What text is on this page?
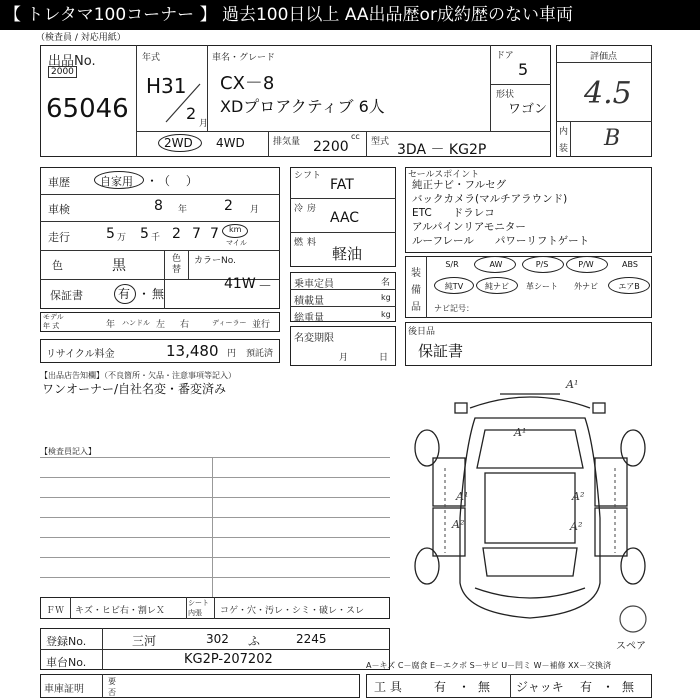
【 トレタマ100コーナー 】 過去100日以上 AA出品歴or成約歴のない車両
（検査員 / 対応用紙）
出品No.
2000
65046
年式
H31
2
月
車名・グレード
CX－8
XDプロアクティブ 6人
ドア
5
形状
ワゴン
2WD 4WD	排気量 2200
cc
型式 3DA － KG2P
評価点
4.5
内
装 B
車歴	自家用 ・（ ）
車検	8 年	2 月
走行	5 万 5 千 2 7 7 km
マイル
色	黒	色替
カラーNo.
41W －
保証書	有 ・ 無
モデル
年 式	年 ハンドル 左 右	ディーラー 並行
リサイクル料金	13,480 円 預託済
シフト
FAT
冷房
AAC
燃料
軽油
乗車定員	名
積載量	kg
総重量	kg
名変期限
月	日
セールスポイント
純正ナビ・フルセグ
バックカメラ(マルチアラウンド)
ETC　　ドラレコ
アルパインリアモニター
ルーフレール　　パワーリフトゲート
装
備
品
S/R	AW	P/S	P/W	ABS
純TV	純ナビ	革シート	外ナビ	エアB
ナビ記号：
後日品
保証書
【出品店告知欄】（不良箇所・欠品・注意事項等記入）
ワンオーナー/自社名変・番変済み
【検査員記入】
ＦＷ キズ・ヒビ右・割レＸ
シート
内張 コゲ・穴・汚レ・シミ・破レ・スレ
登録No.	三河	302 ふ	2245
車台No.	KG2P-207202
車庫証明
要
否
A¹
A¹
A¹
A²
A²
A²
スペア
A－キズ C－腐食 E－エクボ S－サビ U－凹ミ W－補修 XX－交換済
工 具	有 ・ 無 ジャッキ 有 ・ 無
